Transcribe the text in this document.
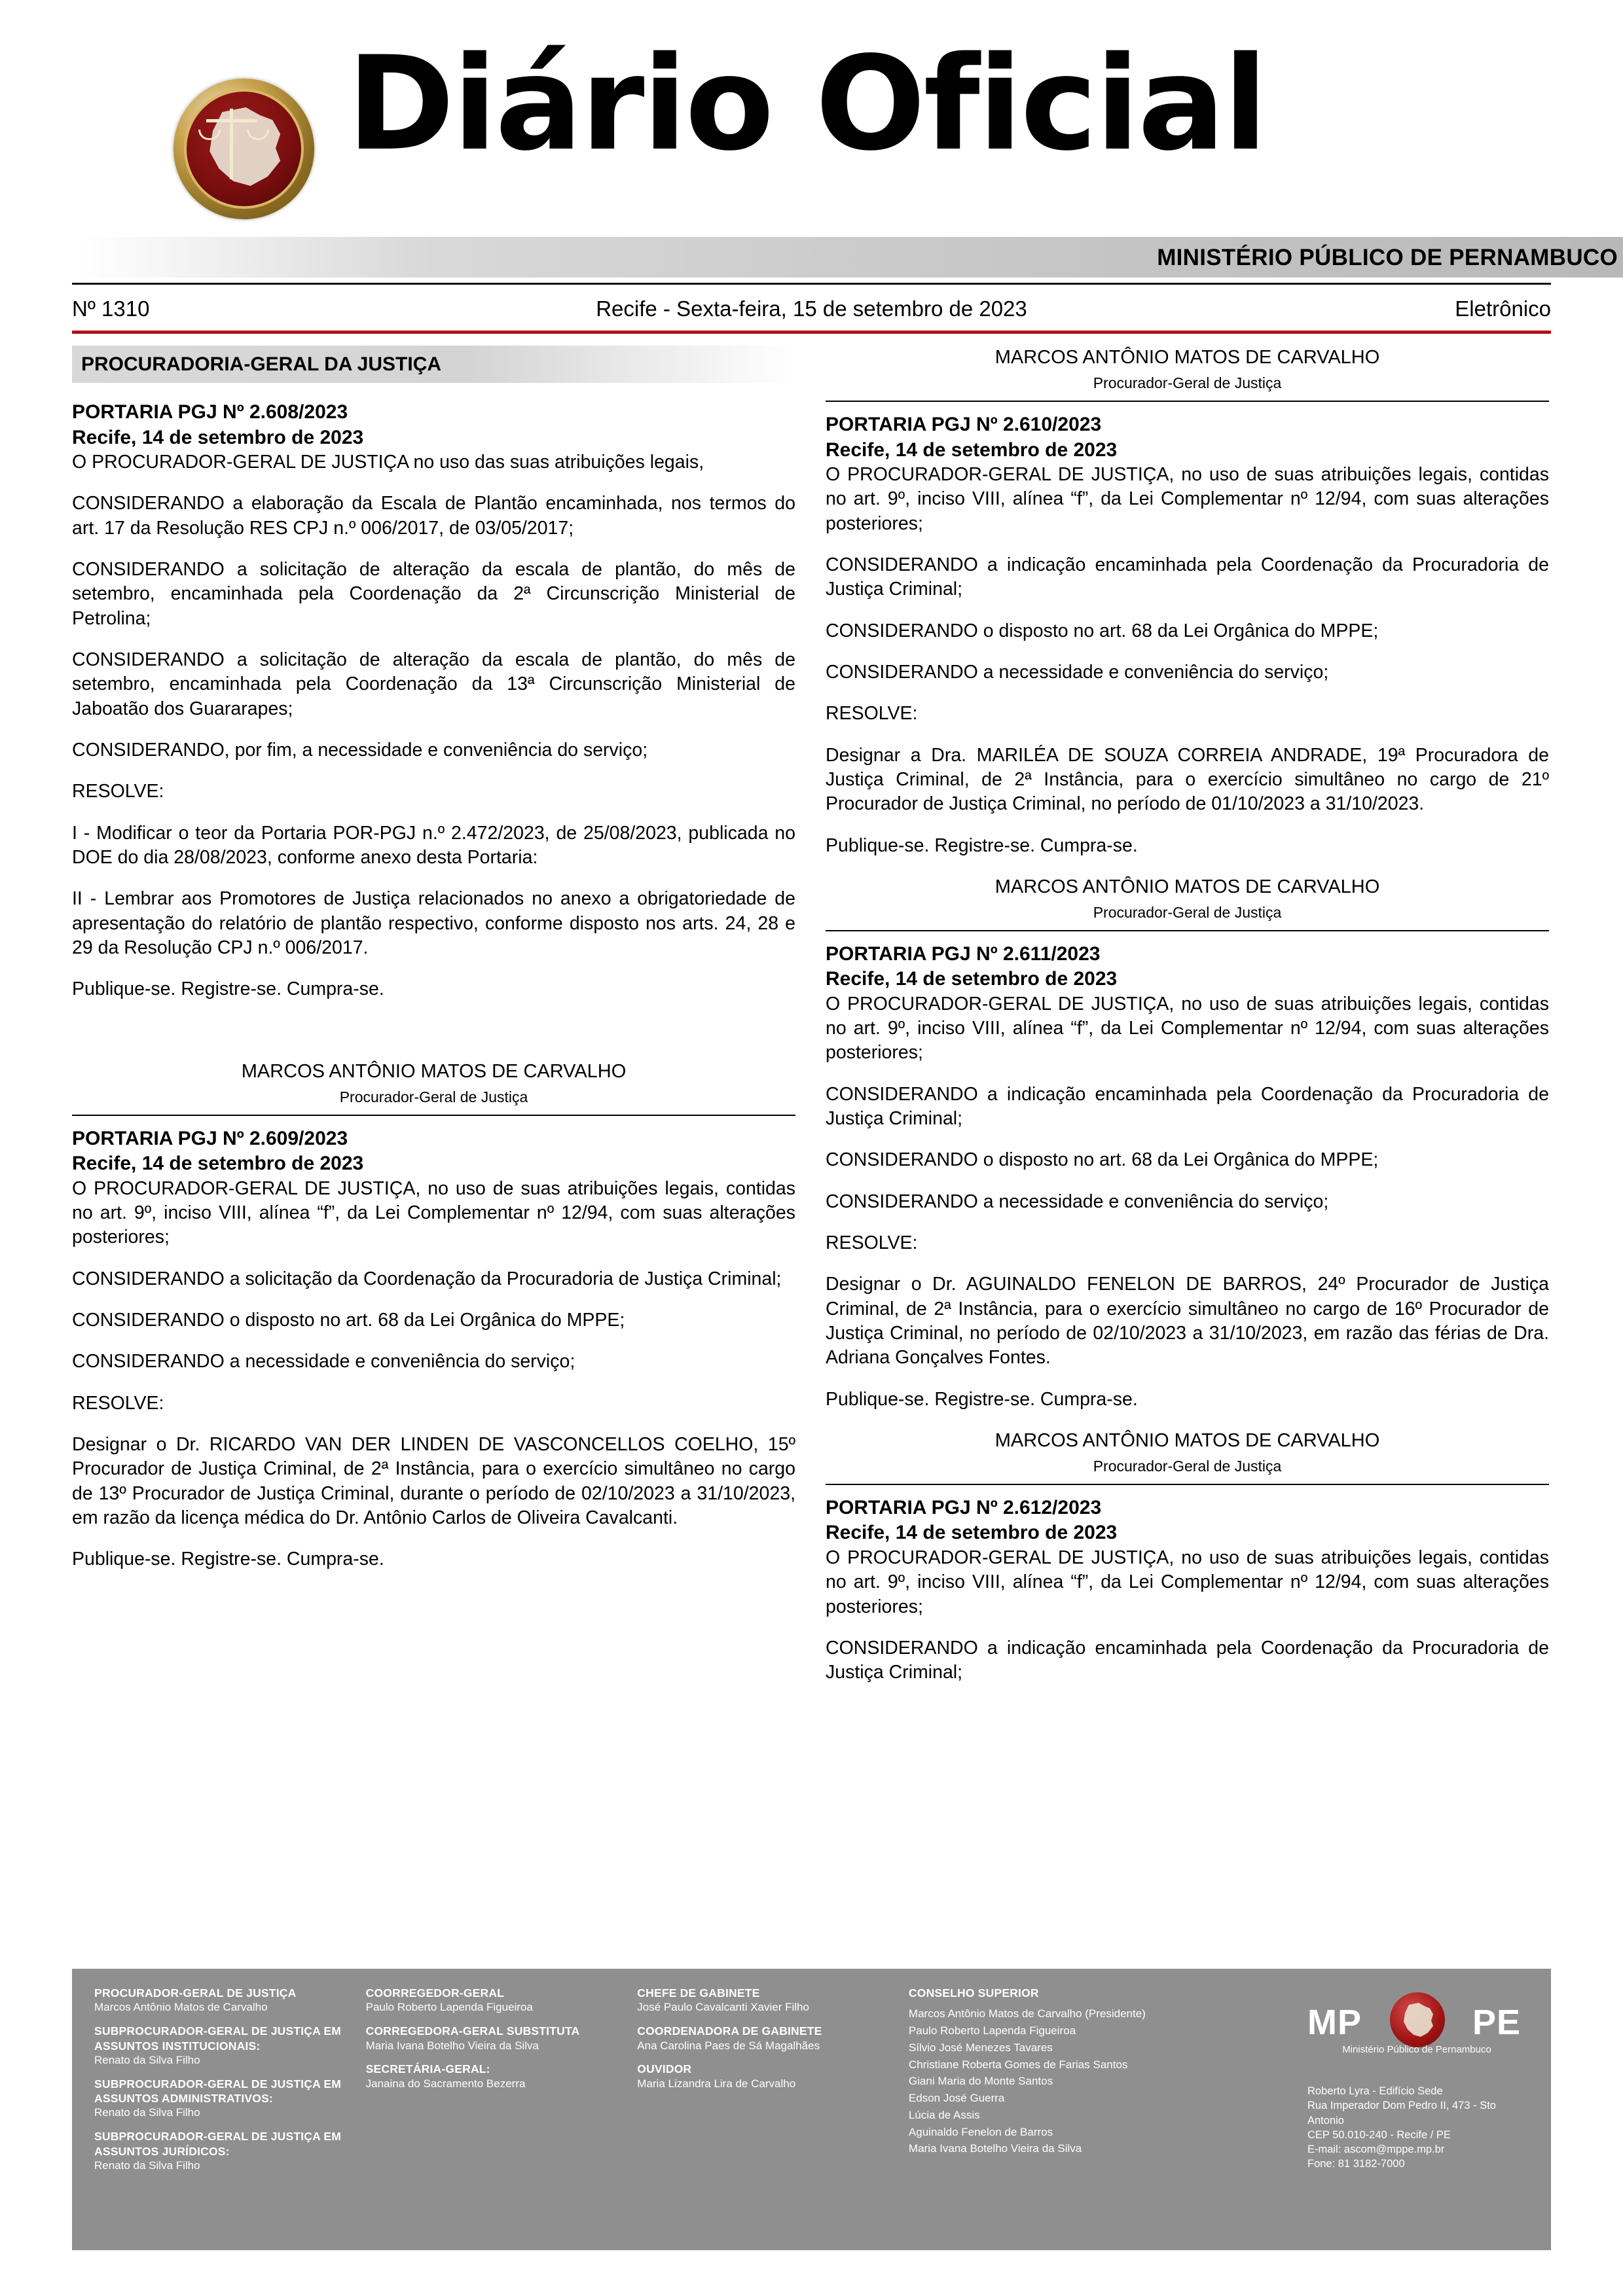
Diário Oficial
MINISTÉRIO PÚBLICO DE PERNAMBUCO
Nº 1310	Recife - Sexta-feira, 15 de setembro de 2023	Eletrônico
PROCURADORIA-GERAL DA JUSTIÇA

PORTARIA PGJ Nº 2.608/2023

Recife, 14 de setembro de 2023

O PROCURADOR-GERAL DE JUSTIÇA no uso das suas atribuições legais,

CONSIDERANDO a elaboração da Escala de Plantão encaminhada, nos termos do art. 17 da Resolução RES CPJ n.º 006/2017, de 03/05/2017;

CONSIDERANDO a solicitação de alteração da escala de plantão, do mês de setembro, encaminhada pela Coordenação da 2ª Circunscrição Ministerial de Petrolina;

CONSIDERANDO a solicitação de alteração da escala de plantão, do mês de setembro, encaminhada pela Coordenação da 13ª Circunscrição Ministerial de Jaboatão dos Guararapes;

CONSIDERANDO, por fim, a necessidade e conveniência do serviço;

RESOLVE:

I - Modificar o teor da Portaria POR-PGJ n.º 2.472/2023, de 25/08/2023, publicada no DOE do dia 28/08/2023, conforme anexo desta Portaria:

II - Lembrar aos Promotores de Justiça relacionados no anexo a obrigatoriedade de apresentação do relatório de plantão respectivo, conforme disposto nos arts. 24, 28 e 29 da Resolução CPJ n.º 006/2017.

Publique-se. Registre-se. Cumpra-se.

MARCOS ANTÔNIO MATOS DE CARVALHO

Procurador-Geral de Justiça

PORTARIA PGJ Nº 2.609/2023

Recife, 14 de setembro de 2023

O PROCURADOR-GERAL DE JUSTIÇA, no uso de suas atribuições legais, contidas no art. 9º, inciso VIII, alínea “f”, da Lei Complementar nº 12/94, com suas alterações posteriores;

CONSIDERANDO a solicitação da Coordenação da Procuradoria de Justiça Criminal;

CONSIDERANDO o disposto no art. 68 da Lei Orgânica do MPPE;

CONSIDERANDO a necessidade e conveniência do serviço;

RESOLVE:

Designar o Dr. RICARDO VAN DER LINDEN DE VASCONCELLOS COELHO, 15º Procurador de Justiça Criminal, de 2ª Instância, para o exercício simultâneo no cargo de 13º Procurador de Justiça Criminal, durante o período de 02/10/2023 a 31/10/2023, em razão da licença médica do Dr. Antônio Carlos de Oliveira Cavalcanti.

Publique-se. Registre-se. Cumpra-se.

MARCOS ANTÔNIO MATOS DE CARVALHO

Procurador-Geral de Justiça

PORTARIA PGJ Nº 2.610/2023

Recife, 14 de setembro de 2023

O PROCURADOR-GERAL DE JUSTIÇA, no uso de suas atribuições legais, contidas no art. 9º, inciso VIII, alínea “f”, da Lei Complementar nº 12/94, com suas alterações posteriores;

CONSIDERANDO a indicação encaminhada pela Coordenação da Procuradoria de Justiça Criminal;

CONSIDERANDO o disposto no art. 68 da Lei Orgânica do MPPE;

CONSIDERANDO a necessidade e conveniência do serviço;

RESOLVE:

Designar a Dra. MARILÉA DE SOUZA CORREIA ANDRADE, 19ª Procuradora de Justiça Criminal, de 2ª Instância, para o exercício simultâneo no cargo de 21º Procurador de Justiça Criminal, no período de 01/10/2023 a 31/10/2023.

Publique-se. Registre-se. Cumpra-se.

MARCOS ANTÔNIO MATOS DE CARVALHO

Procurador-Geral de Justiça

PORTARIA PGJ Nº 2.611/2023

Recife, 14 de setembro de 2023

O PROCURADOR-GERAL DE JUSTIÇA, no uso de suas atribuições legais, contidas no art. 9º, inciso VIII, alínea “f”, da Lei Complementar nº 12/94, com suas alterações posteriores;

CONSIDERANDO a indicação encaminhada pela Coordenação da Procuradoria de Justiça Criminal;

CONSIDERANDO o disposto no art. 68 da Lei Orgânica do MPPE;

CONSIDERANDO a necessidade e conveniência do serviço;

RESOLVE:

Designar o Dr. AGUINALDO FENELON DE BARROS, 24º Procurador de Justiça Criminal, de 2ª Instância, para o exercício simultâneo no cargo de 16º Procurador de Justiça Criminal, no período de 02/10/2023 a 31/10/2023, em razão das férias de Dra. Adriana Gonçalves Fontes.

Publique-se. Registre-se. Cumpra-se.

MARCOS ANTÔNIO MATOS DE CARVALHO

Procurador-Geral de Justiça

PORTARIA PGJ Nº 2.612/2023

Recife, 14 de setembro de 2023

O PROCURADOR-GERAL DE JUSTIÇA, no uso de suas atribuições legais, contidas no art. 9º, inciso VIII, alínea “f”, da Lei Complementar nº 12/94, com suas alterações posteriores;

CONSIDERANDO a indicação encaminhada pela Coordenação da Procuradoria de Justiça Criminal;

PROCURADOR-GERAL DE JUSTIÇA
Marcos Antônio Matos de Carvalho
SUBPROCURADOR-GERAL DE JUSTIÇA EM ASSUNTOS INSTITUCIONAIS:
Renato da Silva Filho
SUBPROCURADOR-GERAL DE JUSTIÇA EM ASSUNTOS ADMINISTRATIVOS:
Renato da Silva Filho
SUBPROCURADOR-GERAL DE JUSTIÇA EM ASSUNTOS JURÍDICOS:
Renato da Silva Filho
COORREGEDOR-GERAL
Paulo Roberto Lapenda Figueiroa
CORREGEDORA-GERAL SUBSTITUTA
Maria Ivana Botelho Vieira da Silva
SECRETÁRIA-GERAL:
Janaina do Sacramento Bezerra
CHEFE DE GABINETE
José Paulo Cavalcanti Xavier Filho
COORDENADORA DE GABINETE
Ana Carolina Paes de Sá Magalhães
OUVIDOR
Maria Lizandra Lira de Carvalho
CONSELHO SUPERIOR
Marcos Antônio Matos de Carvalho (Presidente)
Paulo Roberto Lapenda Figueiroa
Sílvio José Menezes Tavares
Christiane Roberta Gomes de Farias Santos
Giani Maria do Monte Santos
Edson José Guerra
Lúcia de Assis
Aguinaldo Fenelon de Barros
Maria Ivana Botelho Vieira da Silva
MP	PE
Ministério Público de Pernambuco
Roberto Lyra - Edifício Sede
Rua Imperador Dom Pedro II, 473 - Sto Antonio
CEP 50.010-240 - Recife / PE
E-mail: ascom@mppe.mp.br
Fone: 81 3182-7000
